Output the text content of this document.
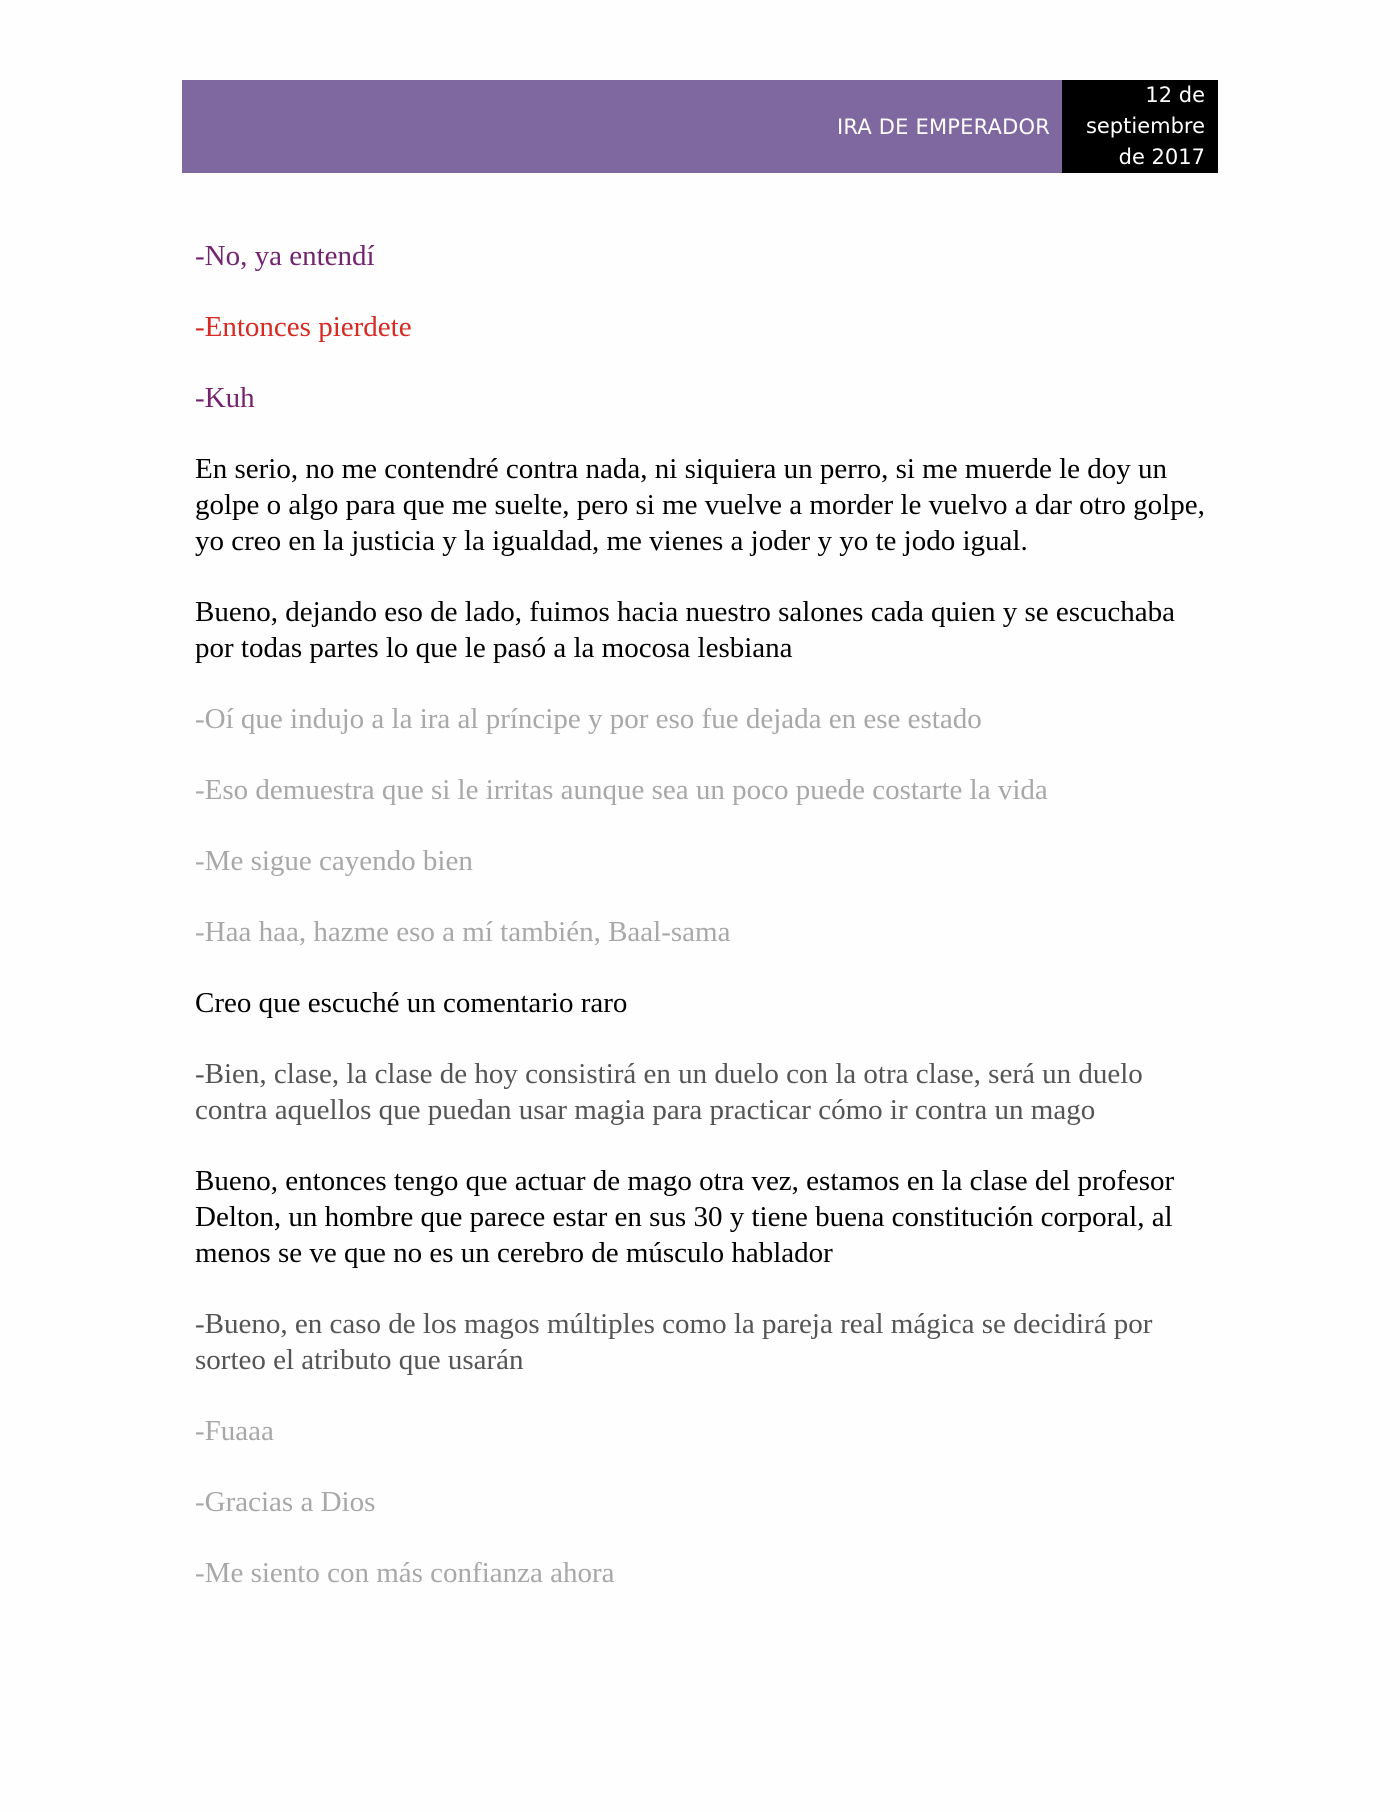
IRA DE EMPERADOR
12 de septiembre de 2017

-No, ya entendí

-Entonces pierdete

-Kuh

En serio, no me contendré contra nada, ni siquiera un perro, si me muerde le doy un golpe o algo para que me suelte, pero si me vuelve a morder le vuelvo a dar otro golpe, yo creo en la justicia y la igualdad, me vienes a joder y yo te jodo igual.

Bueno, dejando eso de lado, fuimos hacia nuestro salones cada quien y se escuchaba por todas partes lo que le pasó a la mocosa lesbiana

-Oí que indujo a la ira al príncipe y por eso fue dejada en ese estado

-Eso demuestra que si le irritas aunque sea un poco puede costarte la vida

-Me sigue cayendo bien

-Haa haa, hazme eso a mí también, Baal-sama

Creo que escuché un comentario raro

-Bien, clase, la clase de hoy consistirá en un duelo con la otra clase, será un duelo contra aquellos que puedan usar magia para practicar cómo ir contra un mago

Bueno, entonces tengo que actuar de mago otra vez, estamos en la clase del profesor Delton, un hombre que parece estar en sus 30 y tiene buena constitución corporal, al menos se ve que no es un cerebro de músculo hablador

-Bueno, en caso de los magos múltiples como la pareja real mágica se decidirá por sorteo el atributo que usarán

-Fuaaa

-Gracias a Dios

-Me siento con más confianza ahora
